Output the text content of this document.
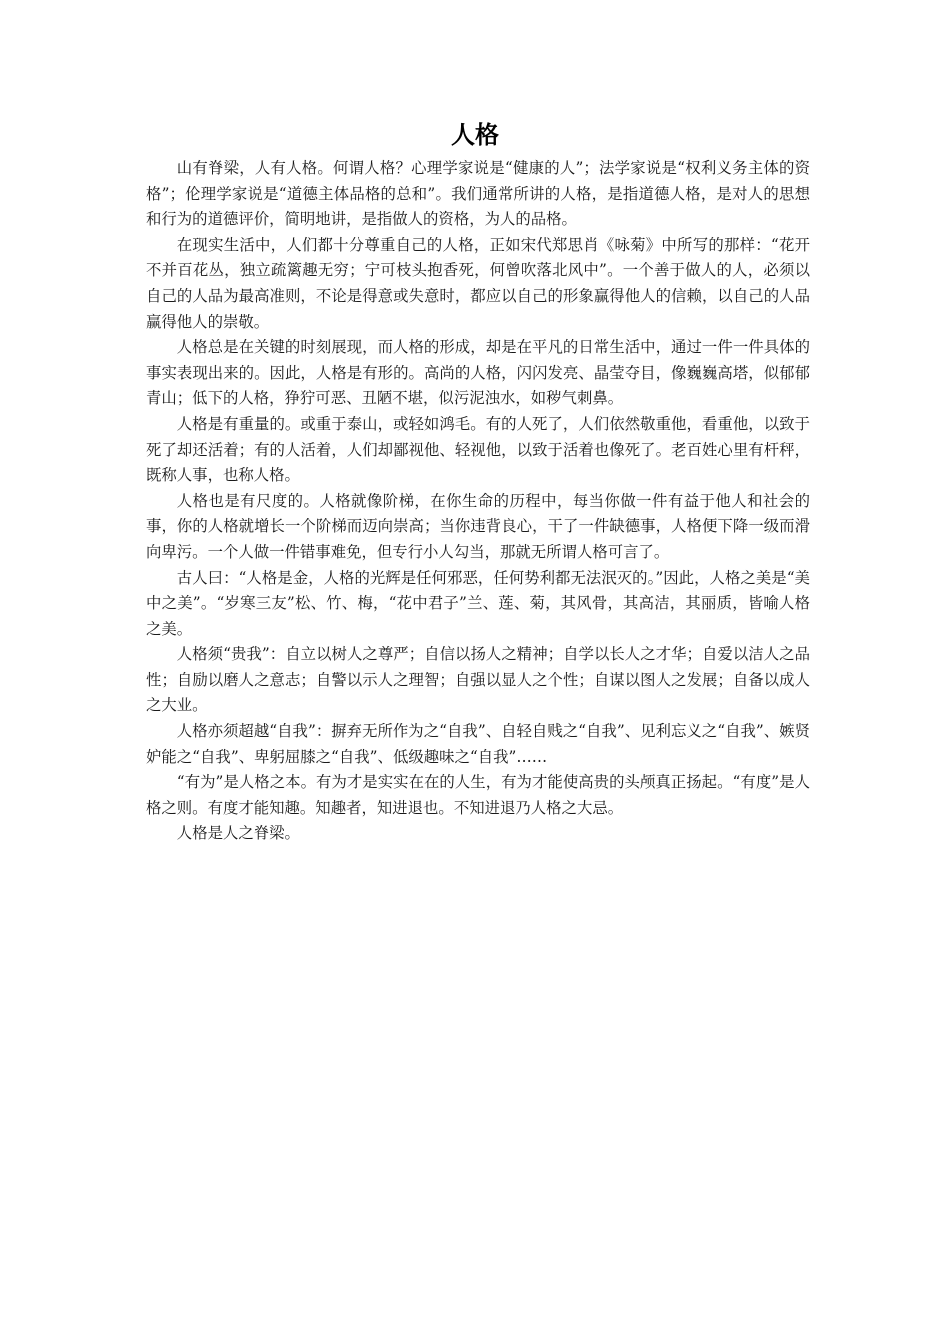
人格

山有脊梁，人有人格。何谓人格？心理学家说是“健康的人”；法学家说是“权利义务主体的资格”；伦理学家说是“道德主体品格的总和”。我们通常所讲的人格，是指道德人格，是对人的思想和行为的道德评价，简明地讲，是指做人的资格，为人的品格。

在现实生活中，人们都十分尊重自己的人格，正如宋代郑思肖《咏菊》中所写的那样：“花开不并百花丛，独立疏篱趣无穷；宁可枝头抱香死，何曾吹落北风中”。一个善于做人的人，必须以自己的人品为最高准则，不论是得意或失意时，都应以自己的形象赢得他人的信赖，以自己的人品赢得他人的崇敬。

人格总是在关键的时刻展现，而人格的形成，却是在平凡的日常生活中，通过一件一件具体的事实表现出来的。因此，人格是有形的。高尚的人格，闪闪发亮、晶莹夺目，像巍巍高塔，似郁郁青山；低下的人格，狰狞可恶、丑陋不堪，似污泥浊水，如秽气刺鼻。

人格是有重量的。或重于泰山，或轻如鸿毛。有的人死了，人们依然敬重他，看重他，以致于死了却还活着；有的人活着，人们却鄙视他、轻视他，以致于活着也像死了。老百姓心里有杆秤，既称人事，也称人格。

人格也是有尺度的。人格就像阶梯，在你生命的历程中，每当你做一件有益于他人和社会的事，你的人格就增长一个阶梯而迈向崇高；当你违背良心，干了一件缺德事，人格便下降一级而滑向卑污。一个人做一件错事难免，但专行小人勾当，那就无所谓人格可言了。

古人曰：“人格是金，人格的光辉是任何邪恶，任何势利都无法泯灭的。”因此，人格之美是“美中之美”。“岁寒三友”松、竹、梅，“花中君子”兰、莲、菊，其风骨，其高洁，其丽质，皆喻人格之美。

人格须“贵我”：自立以树人之尊严；自信以扬人之精神；自学以长人之才华；自爱以洁人之品性；自励以磨人之意志；自警以示人之理智；自强以显人之个性；自谋以图人之发展；自备以成人之大业。

人格亦须超越“自我”：摒弃无所作为之“自我”、自轻自贱之“自我”、见利忘义之“自我”、嫉贤妒能之“自我”、卑躬屈膝之“自我”、低级趣味之“自我”……

“有为”是人格之本。有为才是实实在在的人生，有为才能使高贵的头颅真正扬起。“有度”是人格之则。有度才能知趣。知趣者，知进退也。不知进退乃人格之大忌。

人格是人之脊梁。
